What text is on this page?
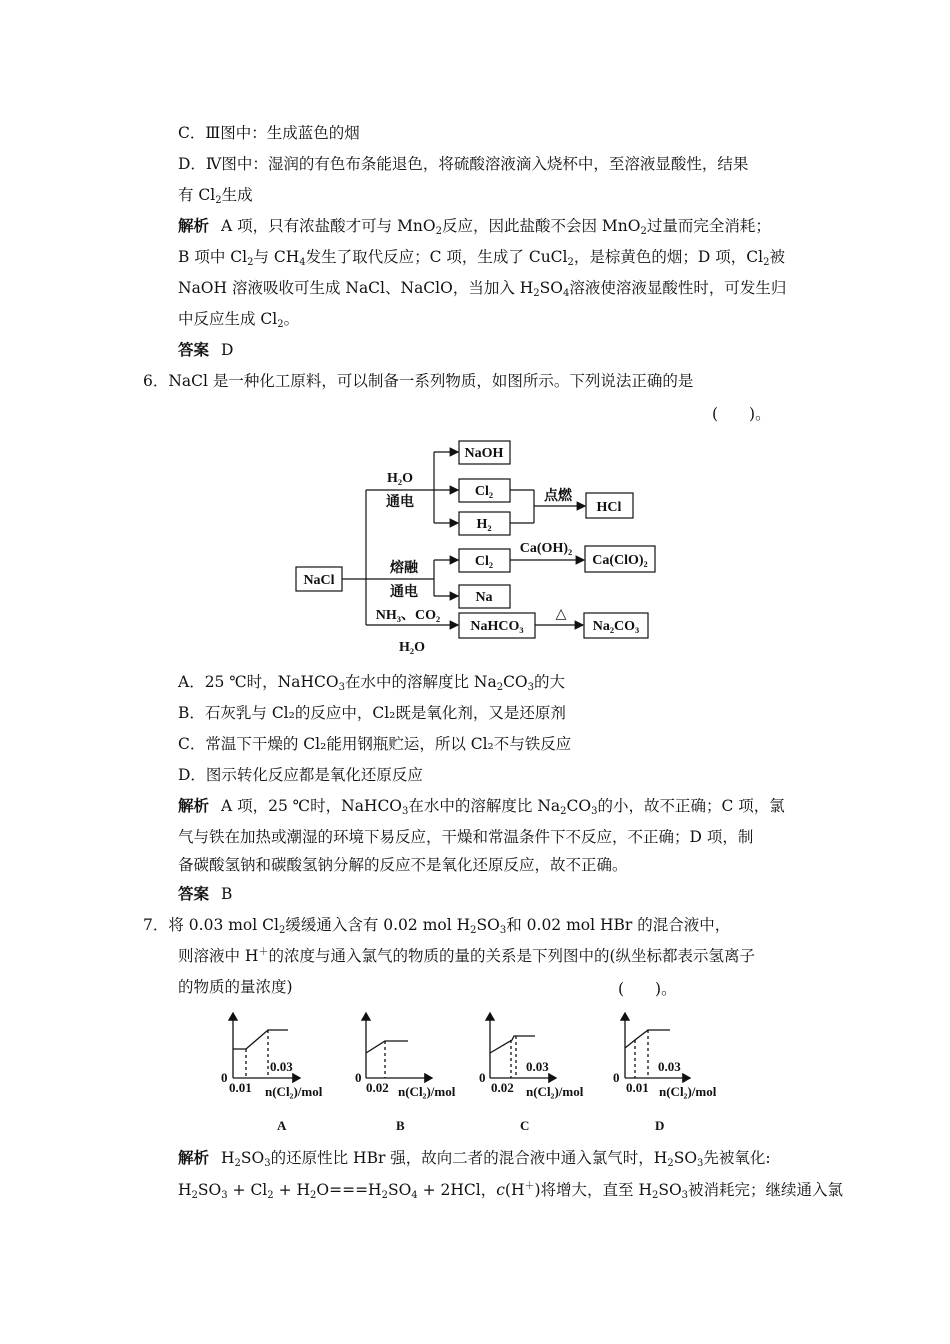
C．Ⅲ图中：生成蓝色的烟
D．Ⅳ图中：湿润的有色布条能退色，将硫酸溶液滴入烧杯中，至溶液显酸性，结果
有 $Cl_2$生成
解析 A 项，只有浓盐酸才可与 MnO$_2$反应，因此盐酸不会因 MnO$_2$过量而完全消耗；
B 项中 $Cl_2$与 $CH_4$发生了取代反应；C 项，生成了 CuCl$_2$，是棕黄色的烟；D 项，$Cl_2$被
NaOH 溶液吸收可生成 NaCl、NaClO，当加入 $H_2SO_4$溶液使溶液显酸性时，可发生归
中反应生成 $Cl_2$。
答案 D
6．NaCl 是一种化工原料，可以制备一系列物质，如图所示。下列说法正确的是
(　　)。
NaCl
NaOH
Cl₂
H₂
HCl
Cl₂
Na
Ca(ClO)₂
NaHCO₃	Na₂CO₃
H₂O
通电	点燃
熔融
通电
Ca(OH)₂
NH₃、CO₂
H₂O
△
A．25 ℃时，NaHCO$_3$在水中的溶解度比 $Na_2CO_3$的大
B．石灰乳与 Cl₂的反应中，Cl₂既是氧化剂，又是还原剂
C．常温下干燥的 Cl₂能用钢瓶贮运，所以 Cl₂不与铁反应
D．图示转化反应都是氧化还原反应
解析 A 项，25 ℃时，NaHCO$_3$在水中的溶解度比 $Na_2CO_3$的小，故不正确；C 项，氯
气与铁在加热或潮湿的环境下易反应，干燥和常温条件下不反应，不正确；D 项，制
备碳酸氢钠和碳酸氢钠分解的反应不是氧化还原反应，故不正确。
答案 B
7．将 0.03 mol $Cl_2$缓缓通入含有 0.02 mol $H_2SO_3$和 0.02 mol HBr 的混合液中，
则溶液中 H＋的浓度与通入氯气的物质的量的关系是下列图中的(纵坐标都表示氢离子
的物质的量浓度)	(　　)。
0
0.01
0.03
n(Cl₂)/mol
A
0
0.02 n(Cl₂)/mol
B
0
0.02
0.03
n(Cl₂)/mol
C
0
0.01
0.03
n(Cl₂)/mol
D
解析 $H_2SO_3$的还原性比 HBr 强，故向二者的混合液中通入氯气时，$H_2SO_3$先被氧化:
$H_2SO_3 + Cl_2 + H_2O===H_2SO_4 + 2HCl$，c(H＋)将增大，直至 $H_2SO_3$被消耗完；继续通入氯
